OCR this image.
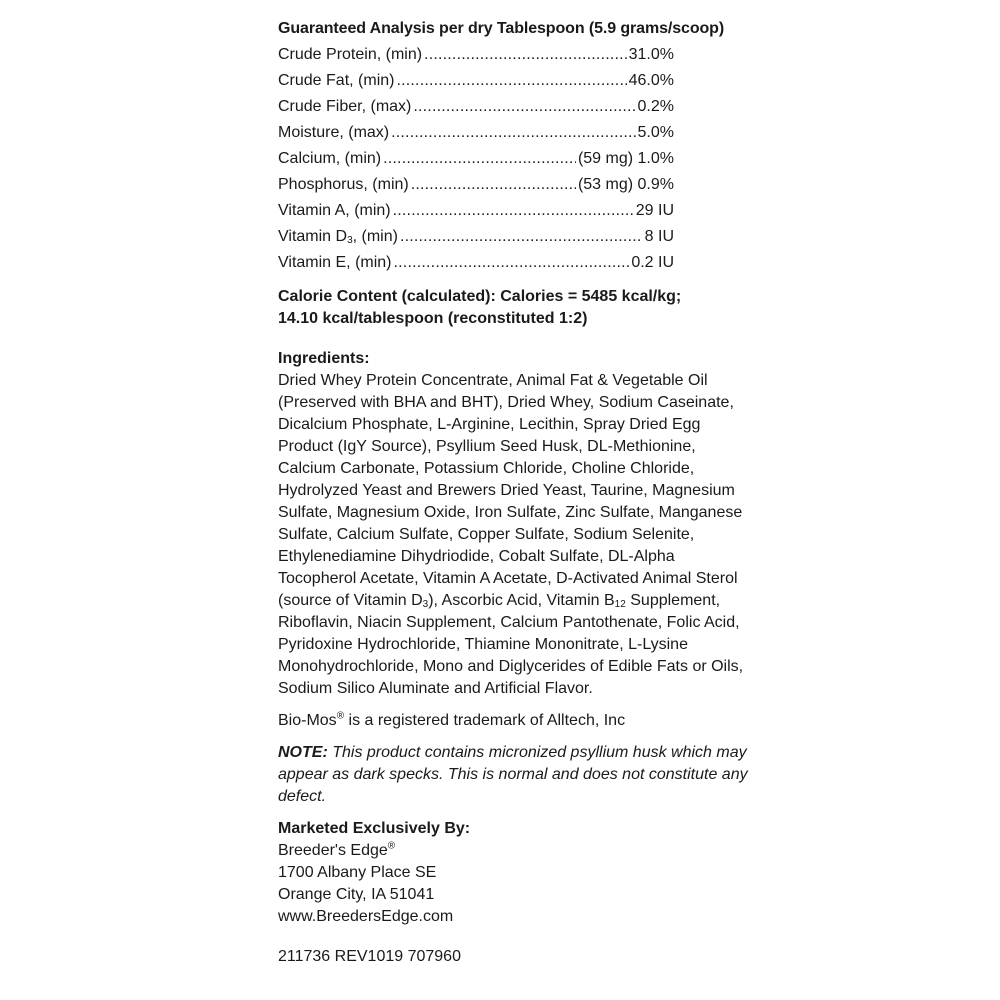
Guaranteed Analysis per dry Tablespoon (5.9 grams/scoop)

Crude Protein, (min) .....	31.0%
Crude Fat, (min) .....	46.0%
Crude Fiber, (max) .....	0.2%
Moisture, (max) .....	5.0%
Calcium, (min) .....	(59 mg) 1.0%
Phosphorus, (min) .....	(53 mg) 0.9%
Vitamin A, (min) .....	29 IU
Vitamin $D_3$, (min) .....	8 IU
Vitamin E, (min) .....	0.2 IU

Calorie Content (calculated): Calories = 5485 kcal/kg;

14.10 kcal/tablespoon (reconstituted 1:2)

Ingredients:

Dried Whey Protein Concentrate, Animal Fat & Vegetable Oil (Preserved with BHA and BHT), Dried Whey, Sodium Caseinate, Dicalcium Phosphate, L-Arginine, Lecithin, Spray Dried Egg Product (IgY Source), Psyllium Seed Husk, DL-Methionine, Calcium Carbonate, Potassium Chloride, Choline Chloride, Hydrolyzed Yeast and Brewers Dried Yeast, Taurine, Magnesium Sulfate, Magnesium Oxide, Iron Sulfate, Zinc Sulfate, Manganese Sulfate, Calcium Sulfate, Copper Sulfate, Sodium Selenite, Ethylenediamine Dihydriodide, Cobalt Sulfate, DL-Alpha Tocopherol Acetate, Vitamin A Acetate, D-Activated Animal Sterol (source of Vitamin $D_3$), Ascorbic Acid, Vitamin $B_{12}$ Supplement, Riboflavin, Niacin Supplement, Calcium Pantothenate, Folic Acid, Pyridoxine Hydrochloride, Thiamine Mononitrate, L-Lysine Monohydrochloride, Mono and Diglycerides of Edible Fats or Oils, Sodium Silico Aluminate and Artificial Flavor.

Bio-Mos® is a registered trademark of Alltech, Inc

NOTE: This product contains micronized psyllium husk which may appear as dark specks. This is normal and does not constitute any defect.

Marketed Exclusively By:

Breeder's Edge®

1700 Albany Place SE

Orange City, IA 51041

www.BreedersEdge.com

211736 REV1019 707960
